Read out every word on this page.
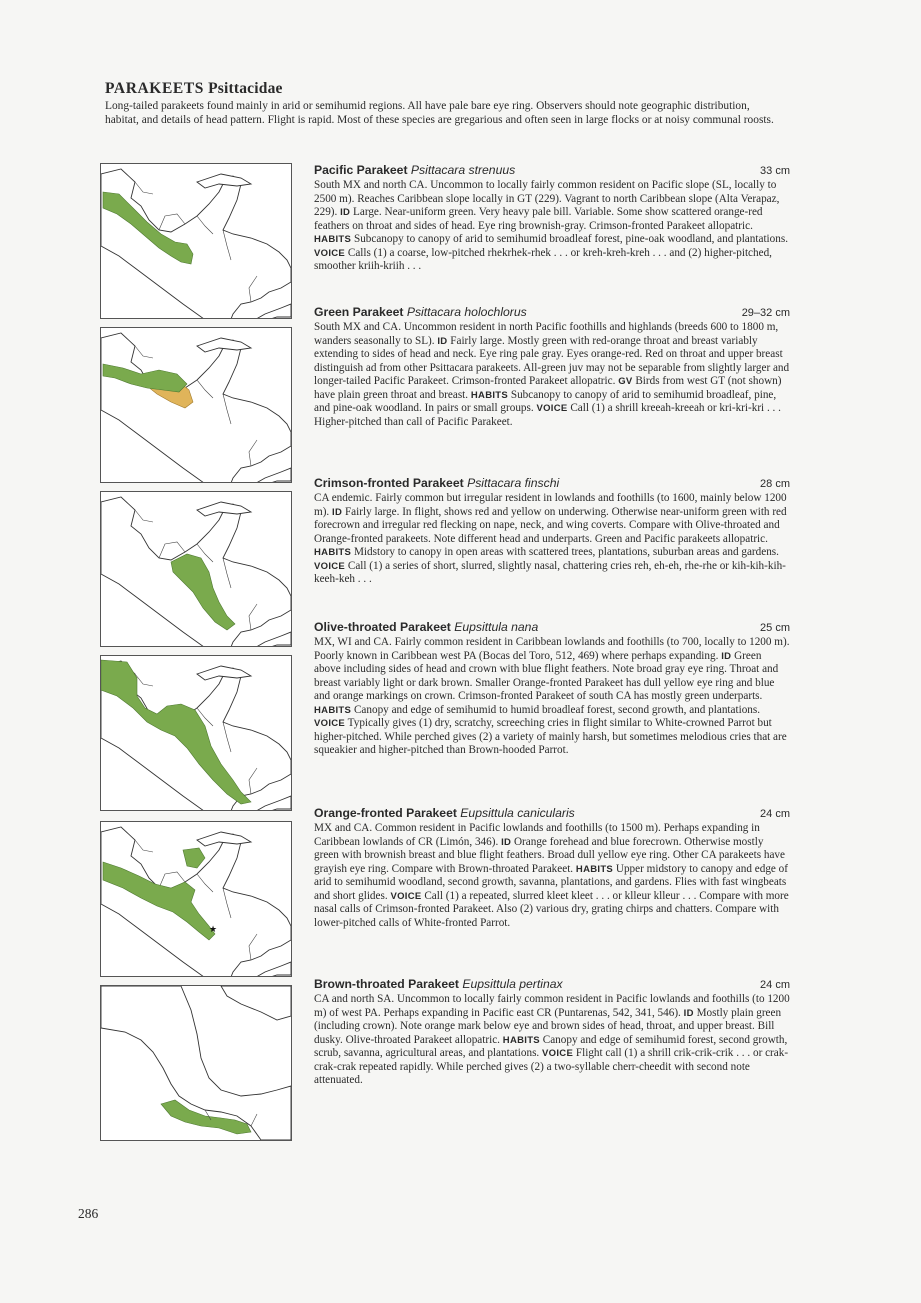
PARAKEETS Psittacidae
Long-tailed parakeets found mainly in arid or semihumid regions. All have pale bare eye ring. Observers should note geographic distribution, habitat, and details of head pattern. Flight is rapid. Most of these species are gregarious and often seen in large flocks or at noisy communal roosts.
★
Pacific Parakeet Psittacara strenuus	33 cm
South MX and north CA. Uncommon to locally fairly common resident on Pacific slope (SL, locally to 2500 m). Reaches Caribbean slope locally in GT (229). Vagrant to north Caribbean slope (Alta Verapaz, 229). ID Large. Near-uniform green. Very heavy pale bill. Variable. Some show scattered orange-red feathers on throat and sides of head. Eye ring brownish-gray. Crimson-fronted Parakeet allopatric. HABITS Subcanopy to canopy of arid to semihumid broadleaf forest, pine-oak woodland, and plantations. VOICE Calls (1) a coarse, low-pitched rhekrhek-rhek . . . or kreh-kreh-kreh . . . and (2) higher-pitched, smoother kriih-kriih . . .
Green Parakeet Psittacara holochlorus	29–32 cm
South MX and CA. Uncommon resident in north Pacific foothills and highlands (breeds 600 to 1800 m, wanders seasonally to SL). ID Fairly large. Mostly green with red-orange throat and breast variably extending to sides of head and neck. Eye ring pale gray. Eyes orange-red. Red on throat and upper breast distinguish ad from other Psittacara parakeets. All-green juv may not be separable from slightly larger and longer-tailed Pacific Parakeet. Crimson-fronted Parakeet allopatric. GV Birds from west GT (not shown) have plain green throat and breast. HABITS Subcanopy to canopy of arid to semihumid broadleaf, pine, and pine-oak woodland. In pairs or small groups. VOICE Call (1) a shrill kreeah-kreeah or kri-kri-kri . . . Higher-pitched than call of Pacific Parakeet.
Crimson-fronted Parakeet Psittacara finschi	28 cm
CA endemic. Fairly common but irregular resident in lowlands and foothills (to 1600, mainly below 1200 m). ID Fairly large. In flight, shows red and yellow on underwing. Otherwise near-uniform green with red forecrown and irregular red flecking on nape, neck, and wing coverts. Compare with Olive-throated and Orange-fronted parakeets. Note different head and underparts. Green and Pacific parakeets allopatric. HABITS Midstory to canopy in open areas with scattered trees, plantations, suburban areas and gardens. VOICE Call (1) a series of short, slurred, slightly nasal, chattering cries reh, eh-eh, rhe-rhe or kih-kih-kih-keeh-keh . . .
Olive-throated Parakeet Eupsittula nana	25 cm
MX, WI and CA. Fairly common resident in Caribbean lowlands and foothills (to 700, locally to 1200 m). Poorly known in Caribbean west PA (Bocas del Toro, 512, 469) where perhaps expanding. ID Green above including sides of head and crown with blue flight feathers. Note broad gray eye ring. Throat and breast variably light or dark brown. Smaller Orange-fronted Parakeet has dull yellow eye ring and blue and orange markings on crown. Crimson-fronted Parakeet of south CA has mostly green underparts. HABITS Canopy and edge of semihumid to humid broadleaf forest, second growth, and plantations. VOICE Typically gives (1) dry, scratchy, screeching cries in flight similar to White-crowned Parrot but higher-pitched. While perched gives (2) a variety of mainly harsh, but sometimes melodious cries that are squeakier and higher-pitched than Brown-hooded Parrot.
Orange-fronted Parakeet Eupsittula canicularis	24 cm
MX and CA. Common resident in Pacific lowlands and foothills (to 1500 m). Perhaps expanding in Caribbean lowlands of CR (Limón, 346). ID Orange forehead and blue forecrown. Otherwise mostly green with brownish breast and blue flight feathers. Broad dull yellow eye ring. Other CA parakeets have grayish eye ring. Compare with Brown-throated Parakeet. HABITS Upper midstory to canopy and edge of arid to semihumid woodland, second growth, savanna, plantations, and gardens. Flies with fast wingbeats and short glides. VOICE Call (1) a repeated, slurred kleet kleet . . . or klleur klleur . . . Compare with more nasal calls of Crimson-fronted Parakeet. Also (2) various dry, grating chirps and chatters. Compare with lower-pitched calls of White-fronted Parrot.
Brown-throated Parakeet Eupsittula pertinax	24 cm
CA and north SA. Uncommon to locally fairly common resident in Pacific lowlands and foothills (to 1200 m) of west PA. Perhaps expanding in Pacific east CR (Puntarenas, 542, 341, 546). ID Mostly plain green (including crown). Note orange mark below eye and brown sides of head, throat, and upper breast. Bill dusky. Olive-throated Parakeet allopatric. HABITS Canopy and edge of semihumid forest, second growth, scrub, savanna, agricultural areas, and plantations. VOICE Flight call (1) a shrill crik-crik-crik . . . or crak-crak-crak repeated rapidly. While perched gives (2) a two-syllable cherr-cheedit with second note attenuated.
286
